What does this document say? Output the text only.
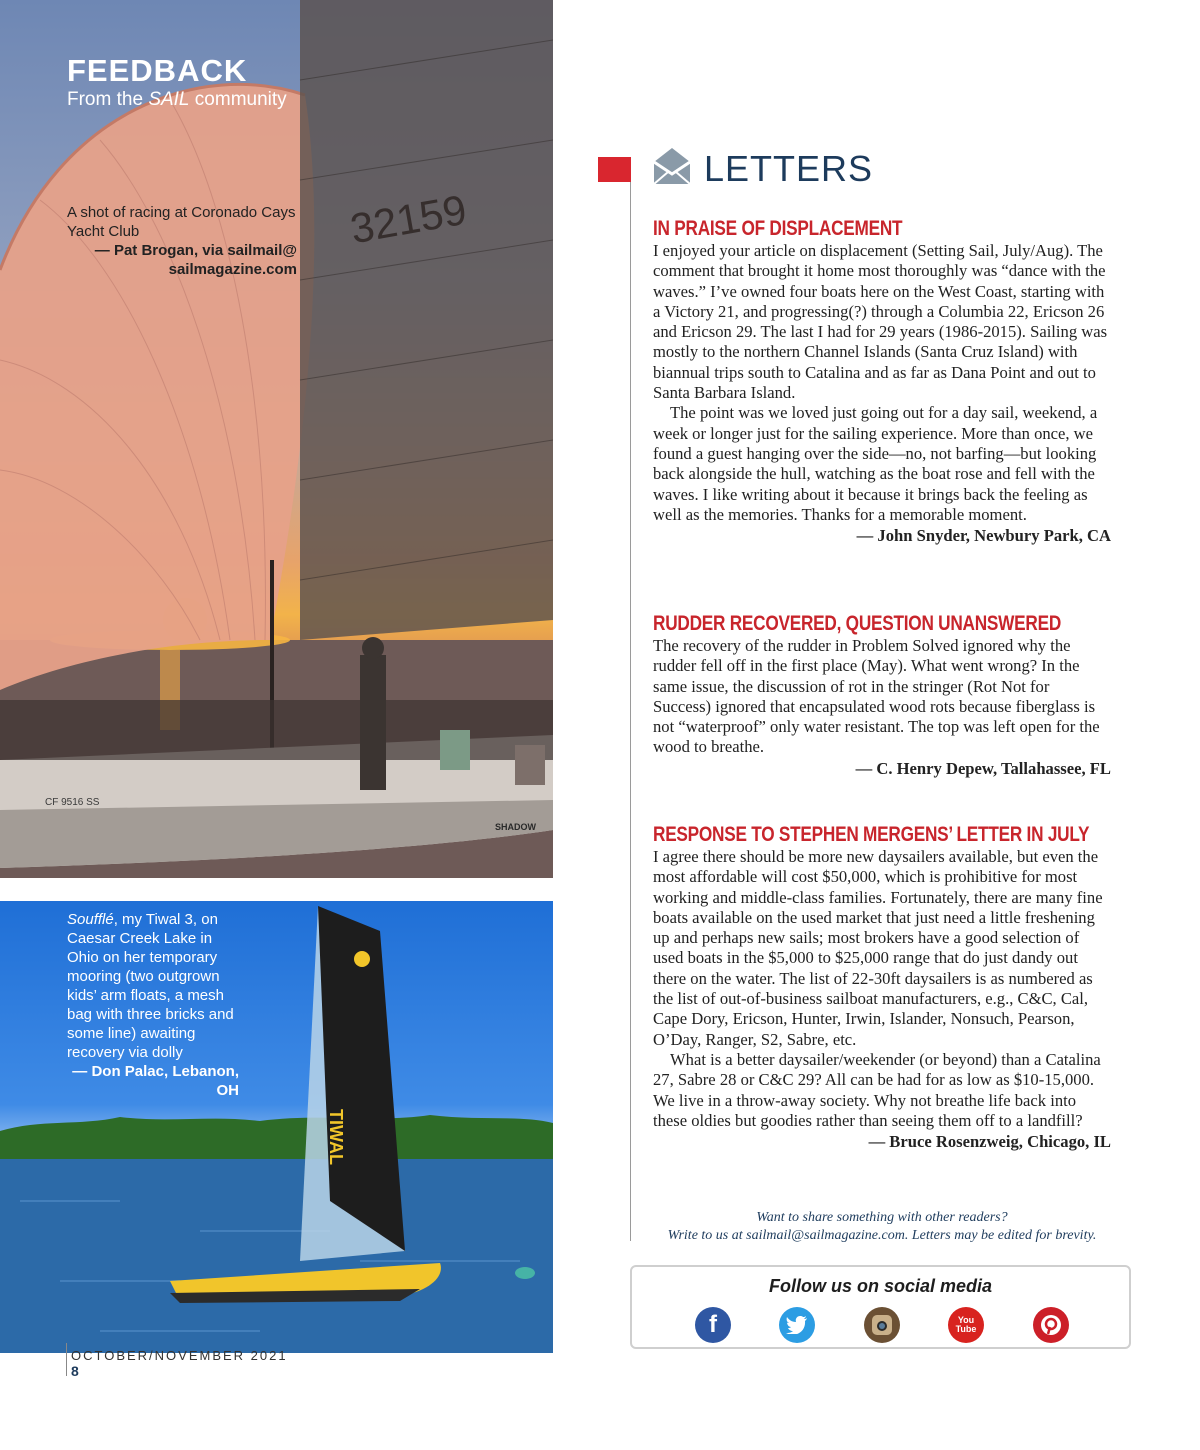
32159
CF 9516 SS
SHADOW
FEEDBACK
From the SAIL community
A shot of racing at Coronado Cays Yacht Club
— Pat Brogan, via sailmail@ sailmagazine.com
TIWAL
Soufflé, my Tiwal 3, on Caesar Creek Lake in Ohio on her temporary mooring (two outgrown kids’ arm floats, a mesh bag with three bricks and some line) awaiting recovery via dolly
— Don Palac, Lebanon, OH
LETTERS
IN PRAISE OF DISPLACEMENT

I enjoyed your article on displacement (Setting Sail, July/Aug). The comment that brought it home most thoroughly was “dance with the waves.” I’ve owned four boats here on the West Coast, starting with a Victory 21, and progressing(?) through a Columbia 22, Ericson 26 and Ericson 29. The last I had for 29 years (1986-2015). Sailing was mostly to the northern Channel Islands (Santa Cruz Island) with biannual trips south to Catalina and as far as Dana Point and out to Santa Barbara Island.

The point was we loved just going out for a day sail, weekend, a week or longer just for the sailing experience. More than once, we found a guest hanging over the side—no, not barfing—but looking back alongside the hull, watching as the boat rose and fell with the waves. I like writing about it because it brings back the feeling as well as the memories. Thanks for a memorable moment.

— John Snyder, Newbury Park, CA
RUDDER RECOVERED, QUESTION UNANSWERED

The recovery of the rudder in Problem Solved ignored why the rudder fell off in the first place (May). What went wrong? In the same issue, the discussion of rot in the stringer (Rot Not for Success) ignored that encapsulated wood rots because fiberglass is not “waterproof” only water resistant. The top was left open for the wood to breathe.

— C. Henry Depew, Tallahassee, FL
RESPONSE TO STEPHEN MERGENS’ LETTER IN JULY

I agree there should be more new daysailers available, but even the most affordable will cost $50,000, which is prohibitive for most working and middle-class families. Fortunately, there are many fine boats available on the used market that just need a little freshening up and perhaps new sails; most brokers have a good selection of used boats in the $5,000 to $25,000 range that do just dandy out there on the water. The list of 22-30ft daysailers is as numbered as the list of out-of-business sailboat manufacturers, e.g., C&C, Cal, Cape Dory, Ericson, Hunter, Irwin, Islander, Nonsuch, Pearson, O’Day, Ranger, S2, Sabre, etc.

What is a better daysailer/weekender (or beyond) than a Catalina 27, Sabre 28 or C&C 29? All can be had for as low as $10-15,000. We live in a throw-away society. Why not breathe life back into these oldies but goodies rather than seeing them off to a landfill?

— Bruce Rosenzweig, Chicago, IL
Want to share something with other readers?
Write to us at sailmail@sailmagazine.com. Letters may be edited for brevity.
Follow us on social media
f	You
Tube
OCTOBER/NOVEMBER 2021
8
